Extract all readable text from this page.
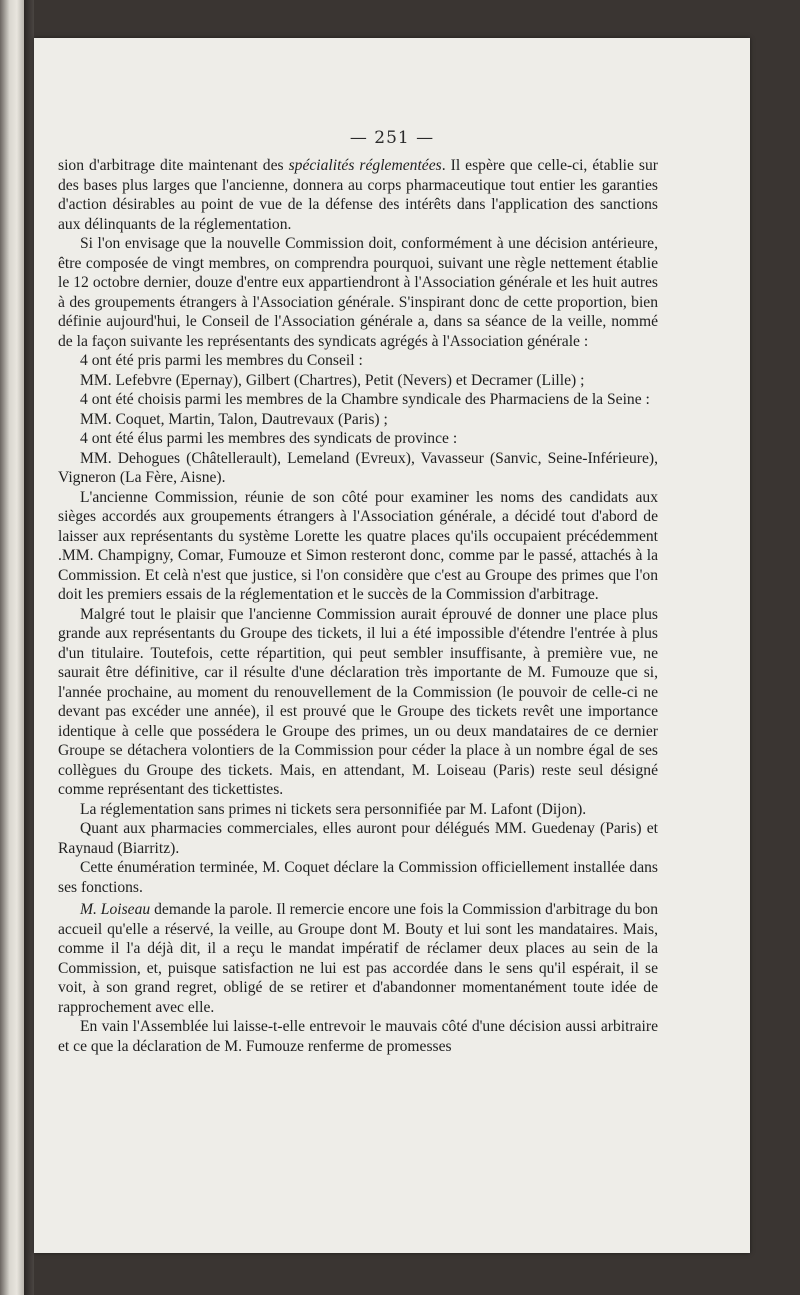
— 251 —

sion d'arbitrage dite maintenant des spécialités réglementées. Il espère que celle-ci, établie sur des bases plus larges que l'ancienne, donnera au corps pharmaceutique tout entier les garanties d'action désirables au point de vue de la défense des intérêts dans l'application des sanctions aux délinquants de la réglementation.

Si l'on envisage que la nouvelle Commission doit, conformément à une décision antérieure, être composée de vingt membres, on comprendra pourquoi, suivant une règle nettement établie le 12 octobre dernier, douze d'entre eux appartiendront à l'Association générale et les huit autres à des groupements étrangers à l'Association générale. S'inspirant donc de cette proportion, bien définie aujourd'hui, le Conseil de l'Association générale a, dans sa séance de la veille, nommé de la façon suivante les représentants des syndicats agrégés à l'Association générale :

4 ont été pris parmi les membres du Conseil :

MM. Lefebvre (Epernay), Gilbert (Chartres), Petit (Nevers) et Decramer (Lille) ;

4 ont été choisis parmi les membres de la Chambre syndicale des Pharmaciens de la Seine :

MM. Coquet, Martin, Talon, Dautrevaux (Paris) ;

4 ont été élus parmi les membres des syndicats de province :

MM. Dehogues (Châtellerault), Lemeland (Evreux), Vavasseur (Sanvic, Seine-Inférieure), Vigneron (La Fère, Aisne).

L'ancienne Commission, réunie de son côté pour examiner les noms des candidats aux sièges accordés aux groupements étrangers à l'Association générale, a décidé tout d'abord de laisser aux représentants du système Lorette les quatre places qu'ils occupaient précédemment .MM. Champigny, Comar, Fumouze et Simon resteront donc, comme par le passé, attachés à la Commission. Et celà n'est que justice, si l'on considère que c'est au Groupe des primes que l'on doit les premiers essais de la réglementation et le succès de la Commission d'arbitrage.

Malgré tout le plaisir que l'ancienne Commission aurait éprouvé de donner une place plus grande aux représentants du Groupe des tickets, il lui a été impossible d'étendre l'entrée à plus d'un titulaire. Toutefois, cette répartition, qui peut sembler insuffisante, à première vue, ne saurait être définitive, car il résulte d'une déclaration très importante de M. Fumouze que si, l'année prochaine, au moment du renouvellement de la Commission (le pouvoir de celle-ci ne devant pas excéder une année), il est prouvé que le Groupe des tickets revêt une importance identique à celle que possédera le Groupe des primes, un ou deux mandataires de ce dernier Groupe se détachera volontiers de la Commission pour céder la place à un nombre égal de ses collègues du Groupe des tickets. Mais, en attendant, M. Loiseau (Paris) reste seul désigné comme représentant des tickettistes.

La réglementation sans primes ni tickets sera personnifiée par M. Lafont (Dijon).

Quant aux pharmacies commerciales, elles auront pour délégués MM. Guedenay (Paris) et Raynaud (Biarritz).

Cette énumération terminée, M. Coquet déclare la Commission officiellement installée dans ses fonctions.

M. Loiseau demande la parole. Il remercie encore une fois la Commission d'arbitrage du bon accueil qu'elle a réservé, la veille, au Groupe dont M. Bouty et lui sont les mandataires. Mais, comme il l'a déjà dit, il a reçu le mandat impératif de réclamer deux places au sein de la Commission, et, puisque satisfaction ne lui est pas accordée dans le sens qu'il espérait, il se voit, à son grand regret, obligé de se retirer et d'abandonner momentanément toute idée de rapprochement avec elle.

En vain l'Assemblée lui laisse-t-elle entrevoir le mauvais côté d'une décision aussi arbitraire et ce que la déclaration de M. Fumouze renferme de promesses
